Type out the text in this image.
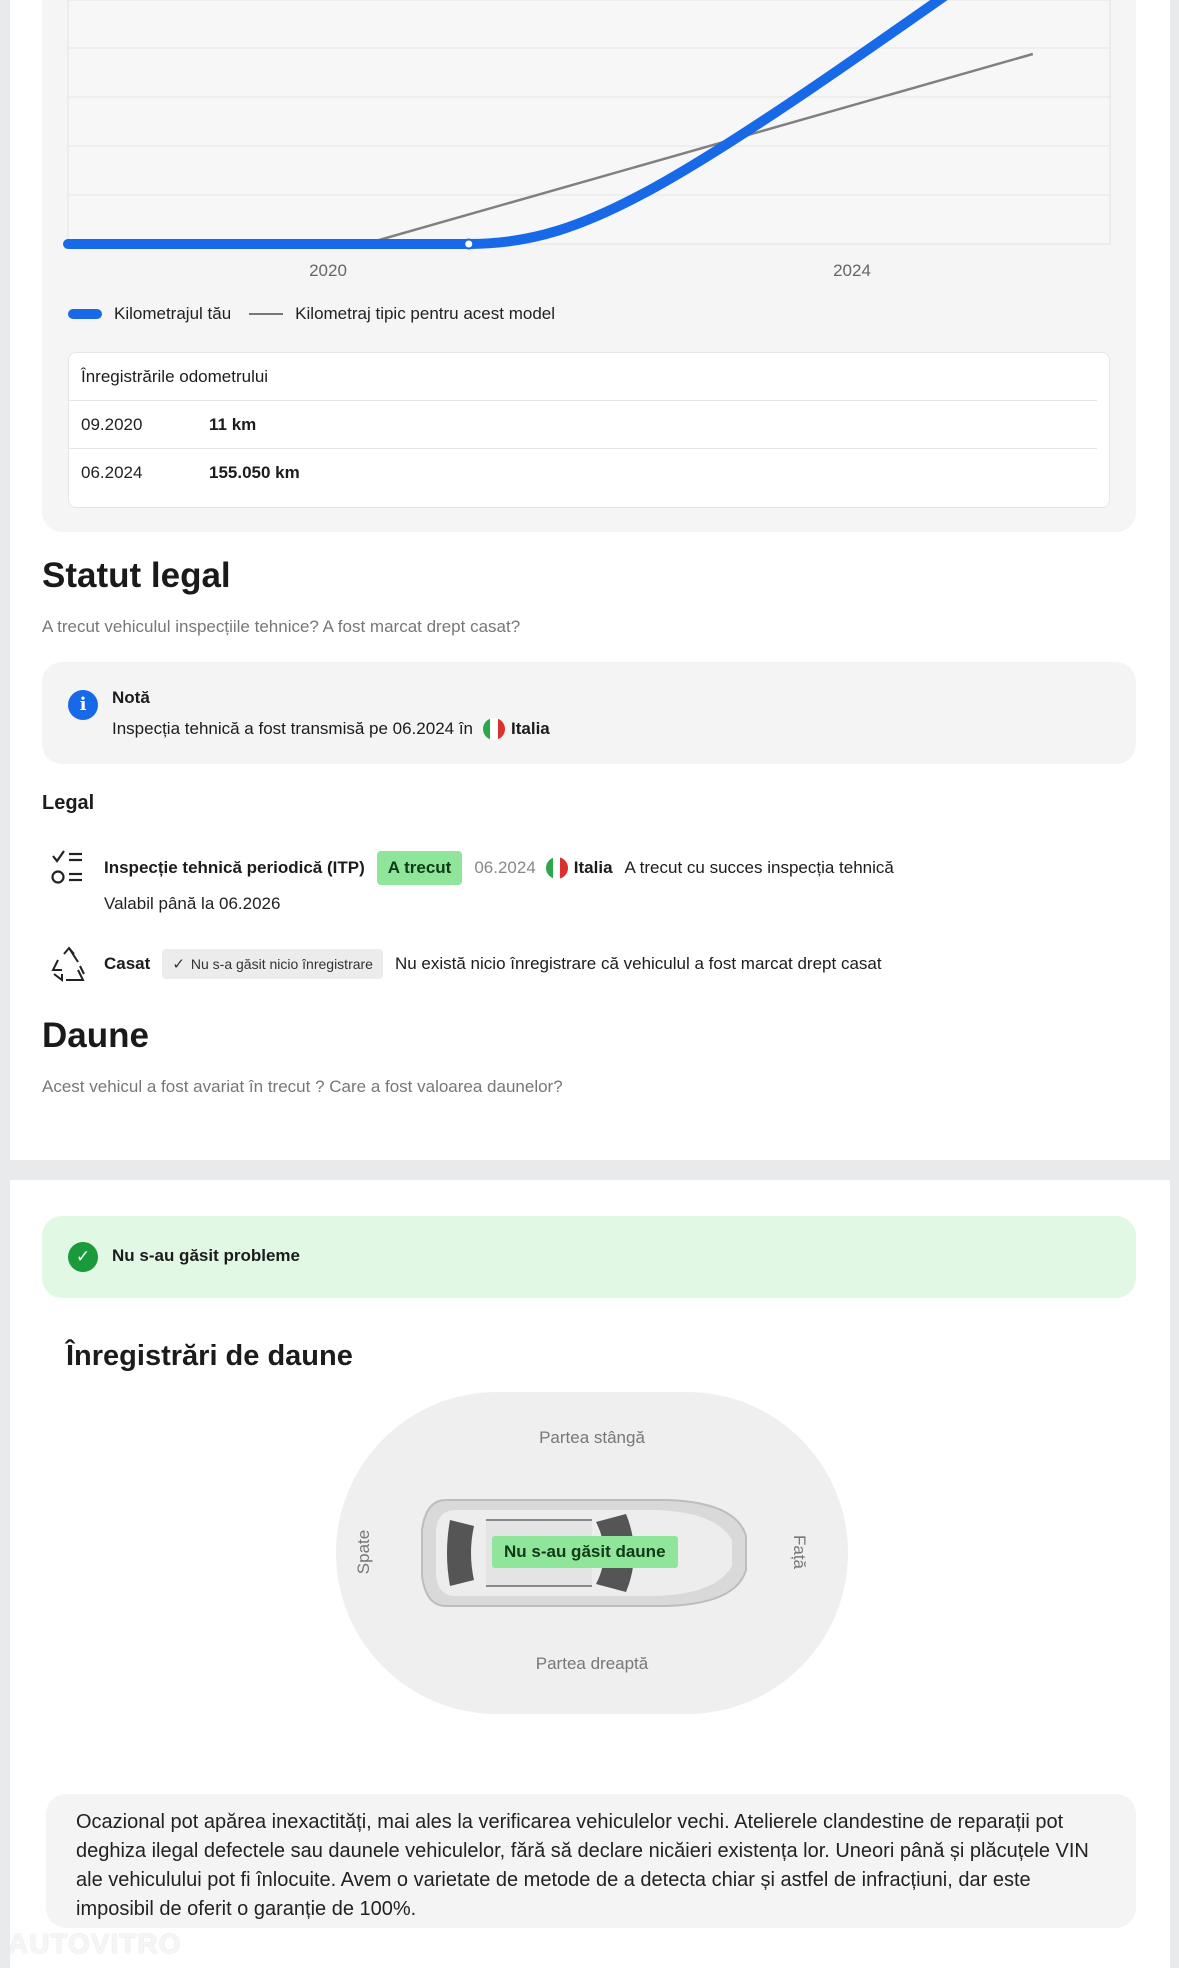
2020	2024
Kilometrajul tău	Kilometraj tipic pentru acest model
Înregistrările odometrului
09.2020	11 km
06.2024	155.050 km
Statut legal
A trecut vehiculul inspecțiile tehnice? A fost marcat drept casat?
i	Notă
Inspecția tehnică a fost transmisă pe 06.2024 în Italia
Legal
Inspecție tehnică periodică (ITP)	A trecut	06.2024 Italia A trecut cu succes inspecția tehnică
Valabil până la 06.2026
Casat ✓ Nu s-a găsit nicio înregistrare Nu există nicio înregistrare că vehiculul a fost marcat drept casat
Daune
Acest vehicul a fost avariat în trecut ? Care a fost valoarea daunelor?
✓	Nu s-au găsit probleme
Înregistrări de daune
Partea stângă
Partea dreaptă
Spate	Față
Nu s-au găsit daune
Ocazional pot apărea inexactități, mai ales la verificarea vehiculelor vechi. Atelierele clandestine de reparații pot deghiza ilegal defectele sau daunele vehiculelor, fără să declare nicăieri existența lor. Uneori până și plăcuțele VIN ale vehiculului pot fi înlocuite. Avem o varietate de metode de a detecta chiar și astfel de infracțiuni, dar este imposibil de oferit o garanție de 100%.
AUTOVITRO
